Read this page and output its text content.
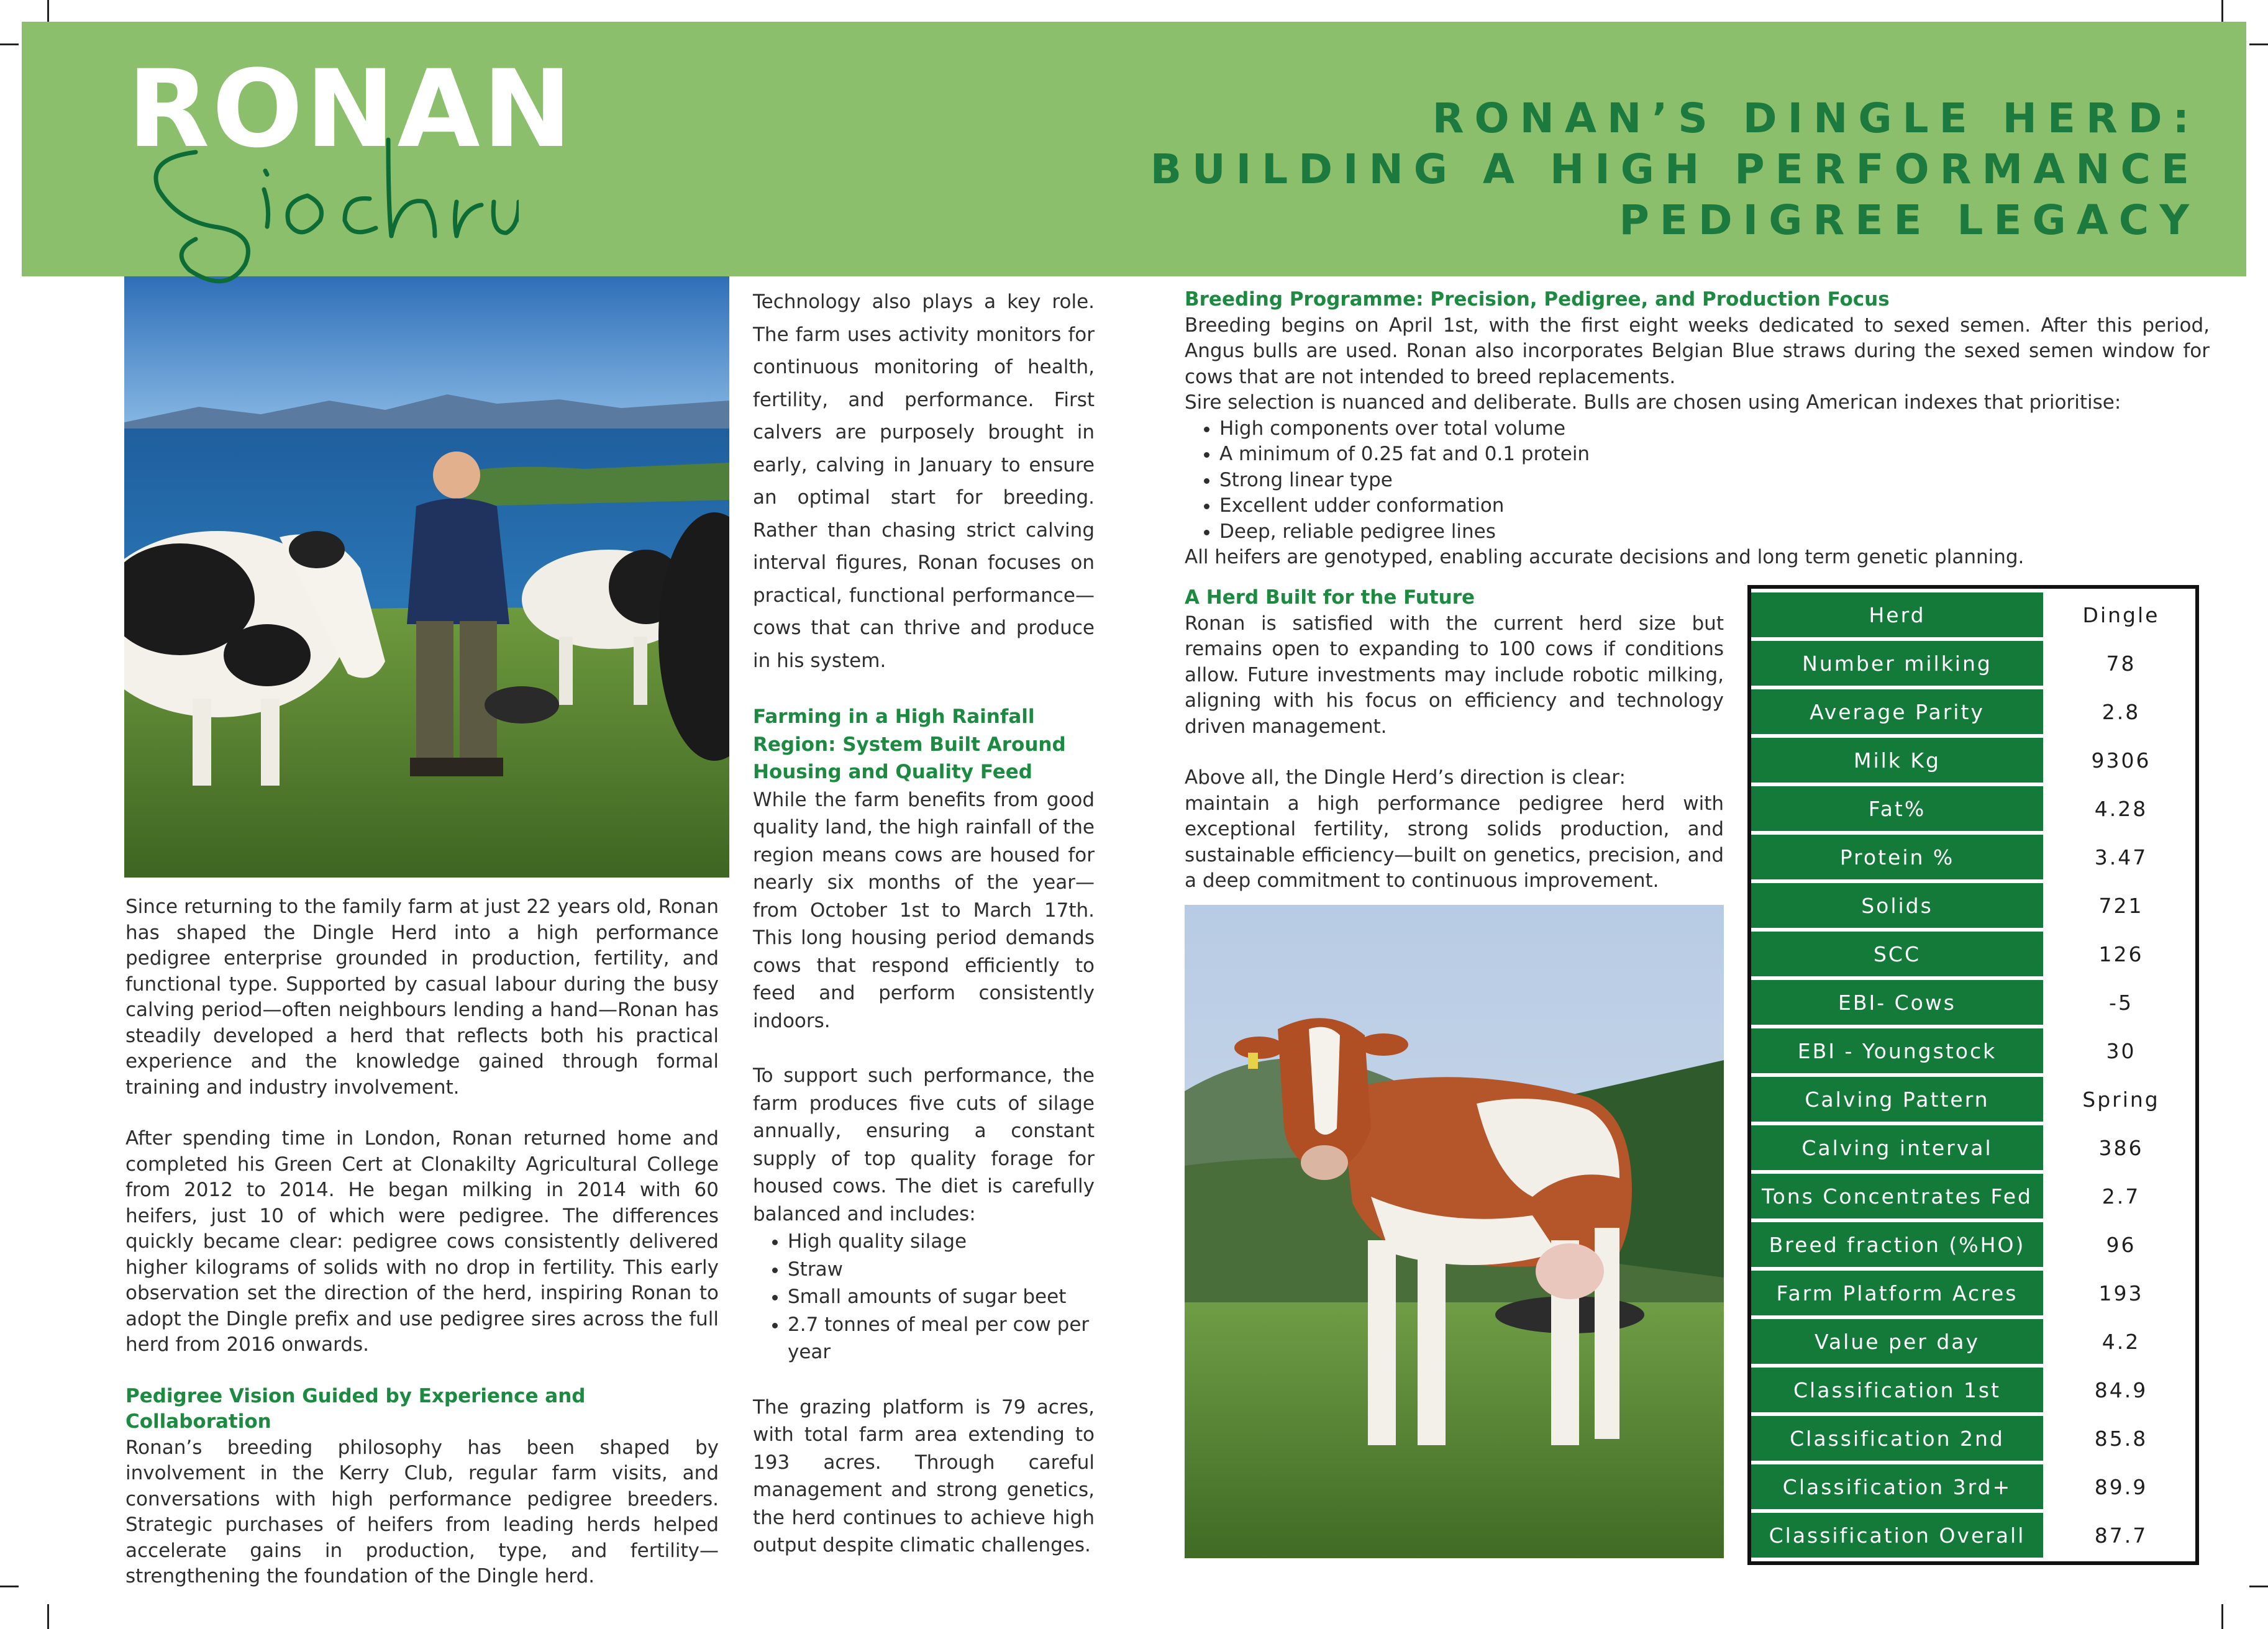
RONAN	RONAN’S DINGLE HERD:
BUILDING A HIGH PERFORMANCE
PEDIGREE LEGACY

Since returning to the family farm at just 22 years old, Ronan has shaped the Dingle Herd into a high performance pedigree enterprise grounded in production, fertility, and functional type. Supported by casual labour during the busy calving period—often neighbours lending a hand—Ronan has steadily developed a herd that reflects both his practical experience and the knowledge gained through formal training and industry involvement.

After spending time in London, Ronan returned home and completed his Green Cert at Clonakilty Agricultural College from 2012 to 2014. He began milking in 2014 with 60 heifers, just 10 of which were pedigree. The differences quickly became clear: pedigree cows consistently delivered higher kilograms of solids with no drop in fertility. This early observation set the direction of the herd, inspiring Ronan to adopt the Dingle prefix and use pedigree sires across the full herd from 2016 onwards.

Pedigree Vision Guided by Experience and Collaboration

Ronan’s breeding philosophy has been shaped by involvement in the Kerry Club, regular farm visits, and conversations with high performance pedigree breeders. Strategic purchases of heifers from leading herds helped accelerate gains in production, type, and fertility—strengthening the foundation of the Dingle herd.

Technology also plays a key role. The farm uses activity monitors for continuous monitoring of health, fertility, and performance. First calvers are purposely brought in early, calving in January to ensure an optimal start for breeding. Rather than chasing strict calving interval figures, Ronan focuses on practical, functional performance—cows that can thrive and produce in his system.

Farming in a High Rainfall Region: System Built Around Housing and Quality Feed

While the farm benefits from good quality land, the high rainfall of the region means cows are housed for nearly six months of the year—from October 1st to March 17th. This long housing period demands cows that respond efficiently to feed and perform consistently indoors.

To support such performance, the farm produces five cuts of silage annually, ensuring a constant supply of top quality forage for housed cows. The diet is carefully balanced and includes:

• High quality silage
• Straw
• Small amounts of sugar beet
• 2.7 tonnes of meal per cow per year

The grazing platform is 79 acres, with total farm area extending to 193 acres. Through careful management and strong genetics, the herd continues to achieve high output despite climatic challenges.

Breeding Programme: Precision, Pedigree, and Production Focus

Breeding begins on April 1st, with the first eight weeks dedicated to sexed semen. After this period, Angus bulls are used. Ronan also incorporates Belgian Blue straws during the sexed semen window for cows that are not intended to breed replacements.

Sire selection is nuanced and deliberate. Bulls are chosen using American indexes that prioritise:

• High components over total volume
• A minimum of 0.25 fat and 0.1 protein
• Strong linear type
• Excellent udder conformation
• Deep, reliable pedigree lines

All heifers are genotyped, enabling accurate decisions and long term genetic planning.

A Herd Built for the Future

Ronan is satisfied with the current herd size but remains open to expanding to 100 cows if conditions allow. Future investments may include robotic milking, aligning with his focus on efficiency and technology driven management.

Above all, the Dingle Herd’s direction is clear:

maintain a high performance pedigree herd with exceptional fertility, strong solids production, and sustainable efficiency—built on genetics, precision, and a deep commitment to continuous improvement.

Herd	Dingle
Number milking	78
Average Parity	2.8
Milk Kg	9306
Fat%	4.28
Protein %	3.47
Solids	721
SCC	126
EBI- Cows	-5
EBI - Youngstock	30
Calving Pattern	Spring
Calving interval	386
Tons Concentrates Fed	2.7
Breed fraction (%HO)	96
Farm Platform Acres	193
Value per day	4.2
Classification 1st	84.9
Classification 2nd	85.8
Classification 3rd+	89.9
Classification Overall	87.7
